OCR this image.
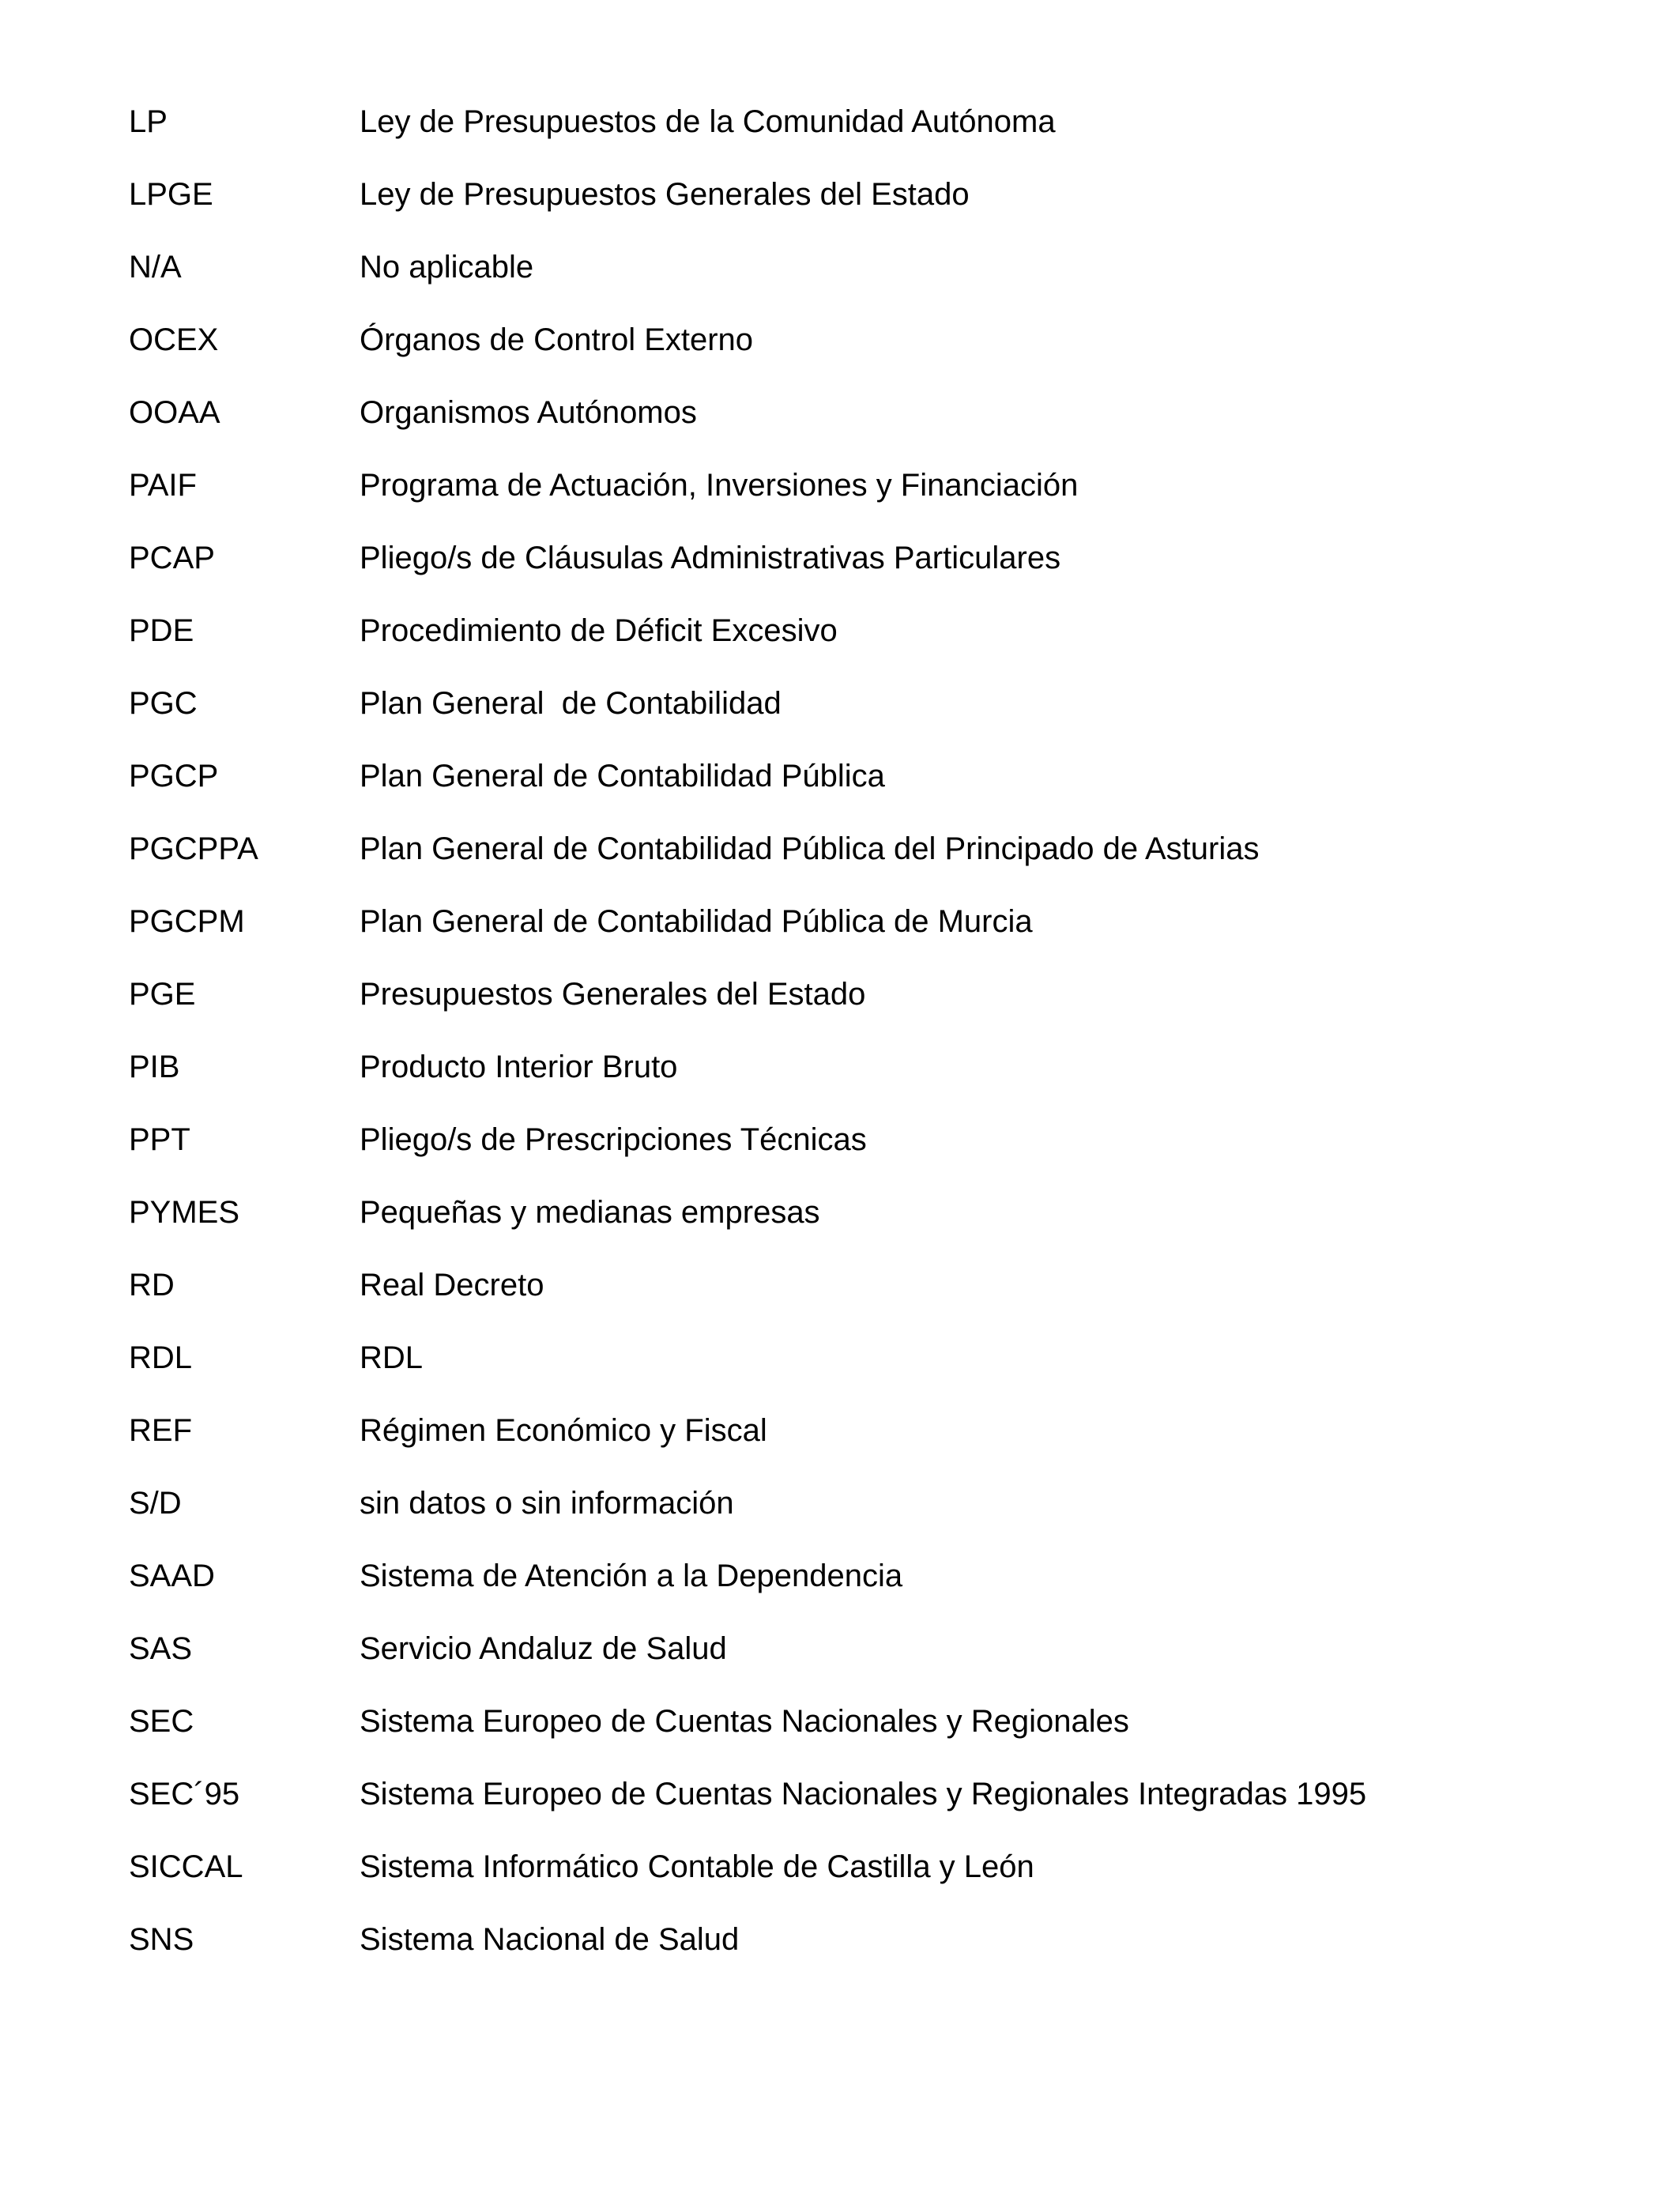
LP	Ley de Presupuestos de la Comunidad Autónoma
LPGE	Ley de Presupuestos Generales del Estado
N/A	No aplicable
OCEX	Órganos de Control Externo
OOAA	Organismos Autónomos
PAIF	Programa de Actuación, Inversiones y Financiación
PCAP	Pliego/s de Cláusulas Administrativas Particulares
PDE	Procedimiento de Déficit Excesivo
PGC	Plan General  de Contabilidad
PGCP	Plan General de Contabilidad Pública
PGCPPA	Plan General de Contabilidad Pública del Principado de Asturias
PGCPM	Plan General de Contabilidad Pública de Murcia
PGE	Presupuestos Generales del Estado
PIB	Producto Interior Bruto
PPT	Pliego/s de Prescripciones Técnicas
PYMES	Pequeñas y medianas empresas
RD	Real Decreto
RDL	RDL
REF	Régimen Económico y Fiscal
S/D	sin datos o sin información
SAAD	Sistema de Atención a la Dependencia
SAS	Servicio Andaluz de Salud
SEC	Sistema Europeo de Cuentas Nacionales y Regionales
SEC´95	Sistema Europeo de Cuentas Nacionales y Regionales Integradas 1995
SICCAL	Sistema Informático Contable de Castilla y León
SNS	Sistema Nacional de Salud
